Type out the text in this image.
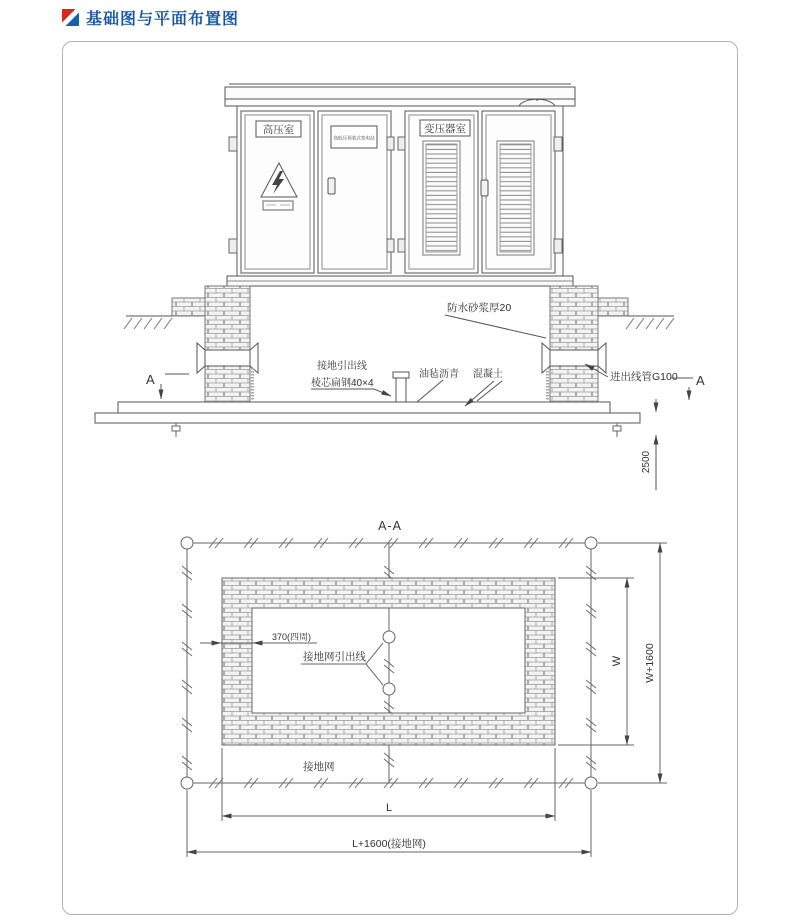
基础图与平面布置图
高压室
高低压预装式变电站
变压器室
防水砂浆厚20
接地引出线
棱芯扁钢40×4
油毡沥青 混凝土	进出线管G100
A	A
2500
A-A
370(四周)
接地网引出线
接地网
W W+1600
L
L+1600(接地网)
